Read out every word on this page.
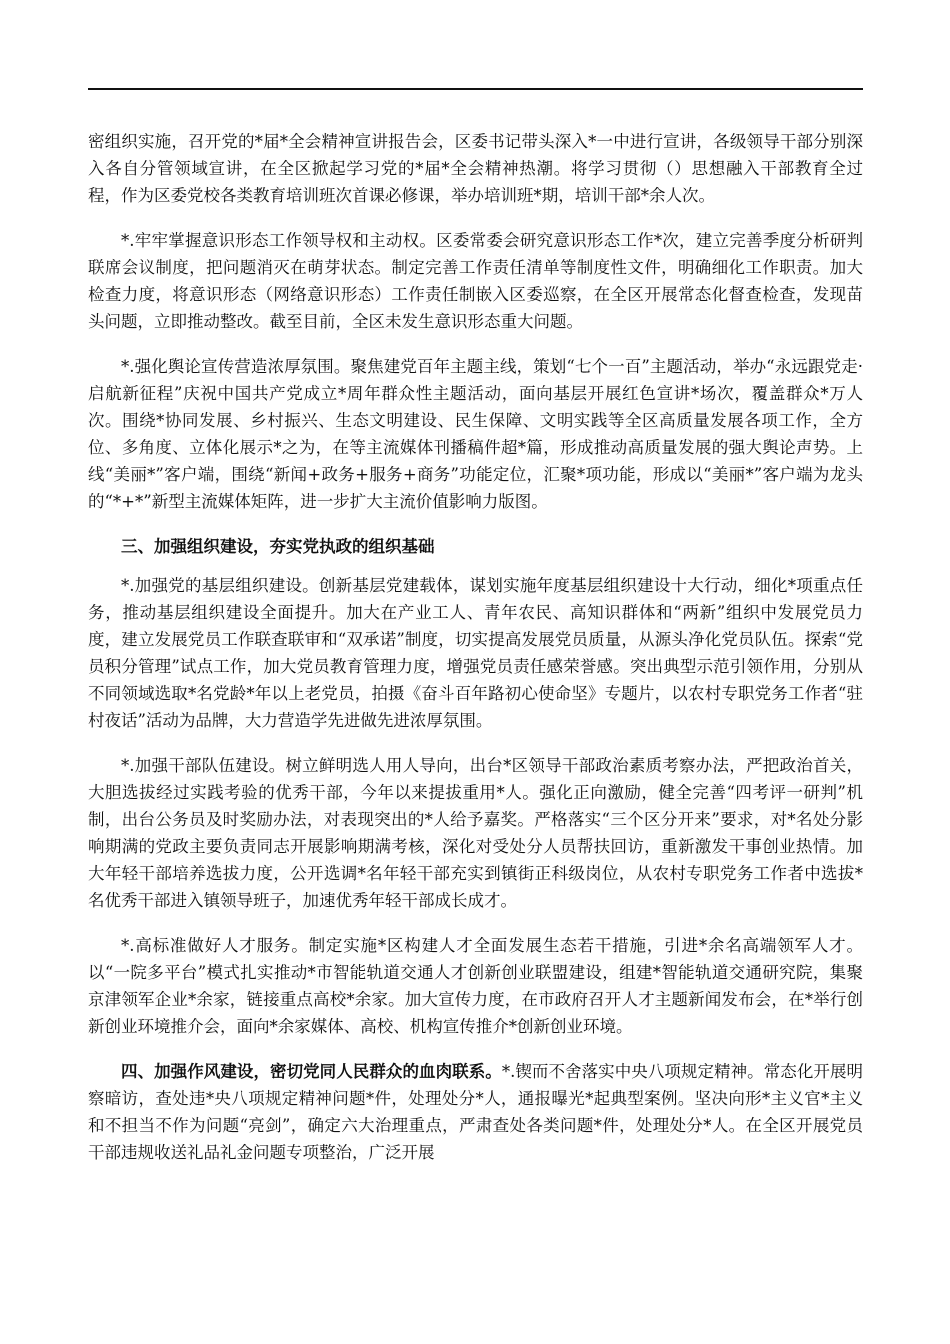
密组织实施，召开党的*届*全会精神宣讲报告会，区委书记带头深入*一中进行宣讲，各级领导干部分别深入各自分管领域宣讲，在全区掀起学习党的*届*全会精神热潮。将学习贯彻（）思想融入干部教育全过程，作为区委党校各类教育培训班次首课必修课，举办培训班*期，培训干部*余人次。

*.牢牢掌握意识形态工作领导权和主动权。区委常委会研究意识形态工作*次，建立完善季度分析研判联席会议制度，把问题消灭在萌芽状态。制定完善工作责任清单等制度性文件，明确细化工作职责。加大检查力度，将意识形态（网络意识形态）工作责任制嵌入区委巡察，在全区开展常态化督查检查，发现苗头问题，立即推动整改。截至目前，全区未发生意识形态重大问题。

*.强化舆论宣传营造浓厚氛围。聚焦建党百年主题主线，策划“七个一百”主题活动，举办“永远跟党走·启航新征程”庆祝中国共产党成立*周年群众性主题活动，面向基层开展红色宣讲*场次，覆盖群众*万人次。围绕*协同发展、乡村振兴、生态文明建设、民生保障、文明实践等全区高质量发展各项工作，全方位、多角度、立体化展示*之为，在等主流媒体刊播稿件超*篇，形成推动高质量发展的强大舆论声势。上线“美丽*”客户端，围绕“新闻+政务+服务+商务”功能定位，汇聚*项功能，形成以“美丽*”客户端为龙头的“*+*”新型主流媒体矩阵，进一步扩大主流价值影响力版图。

三、加强组织建设，夯实党执政的组织基础

*.加强党的基层组织建设。创新基层党建载体，谋划实施年度基层组织建设十大行动，细化*项重点任务，推动基层组织建设全面提升。加大在产业工人、青年农民、高知识群体和“两新”组织中发展党员力度，建立发展党员工作联查联审和“双承诺”制度，切实提高发展党员质量，从源头净化党员队伍。探索“党员积分管理”试点工作，加大党员教育管理力度，增强党员责任感荣誉感。突出典型示范引领作用，分别从不同领域选取*名党龄*年以上老党员，拍摄《奋斗百年路初心使命坚》专题片，以农村专职党务工作者“驻村夜话”活动为品牌，大力营造学先进做先进浓厚氛围。

*.加强干部队伍建设。树立鲜明选人用人导向，出台*区领导干部政治素质考察办法，严把政治首关，大胆选拔经过实践考验的优秀干部，今年以来提拔重用*人。强化正向激励，健全完善“四考评一研判”机制，出台公务员及时奖励办法，对表现突出的*人给予嘉奖。严格落实“三个区分开来”要求，对*名处分影响期满的党政主要负责同志开展影响期满考核，深化对受处分人员帮扶回访，重新激发干事创业热情。加大年轻干部培养选拔力度，公开选调*名年轻干部充实到镇街正科级岗位，从农村专职党务工作者中选拔*名优秀干部进入镇领导班子，加速优秀年轻干部成长成才。

*.高标准做好人才服务。制定实施*区构建人才全面发展生态若干措施，引进*余名高端领军人才。以“一院多平台”模式扎实推动*市智能轨道交通人才创新创业联盟建设，组建*智能轨道交通研究院，集聚京津领军企业*余家，链接重点高校*余家。加大宣传力度，在市政府召开人才主题新闻发布会，在*举行创新创业环境推介会，面向*余家媒体、高校、机构宣传推介*创新创业环境。

四、加强作风建设，密切党同人民群众的血肉联系。*.锲而不舍落实中央八项规定精神。常态化开展明察暗访，查处违*央八项规定精神问题*件，处理处分*人，通报曝光*起典型案例。坚决向形*主义官*主义和不担当不作为问题“亮剑”，确定六大治理重点，严肃查处各类问题*件，处理处分*人。在全区开展党员干部违规收送礼品礼金问题专项整治，广泛开展
